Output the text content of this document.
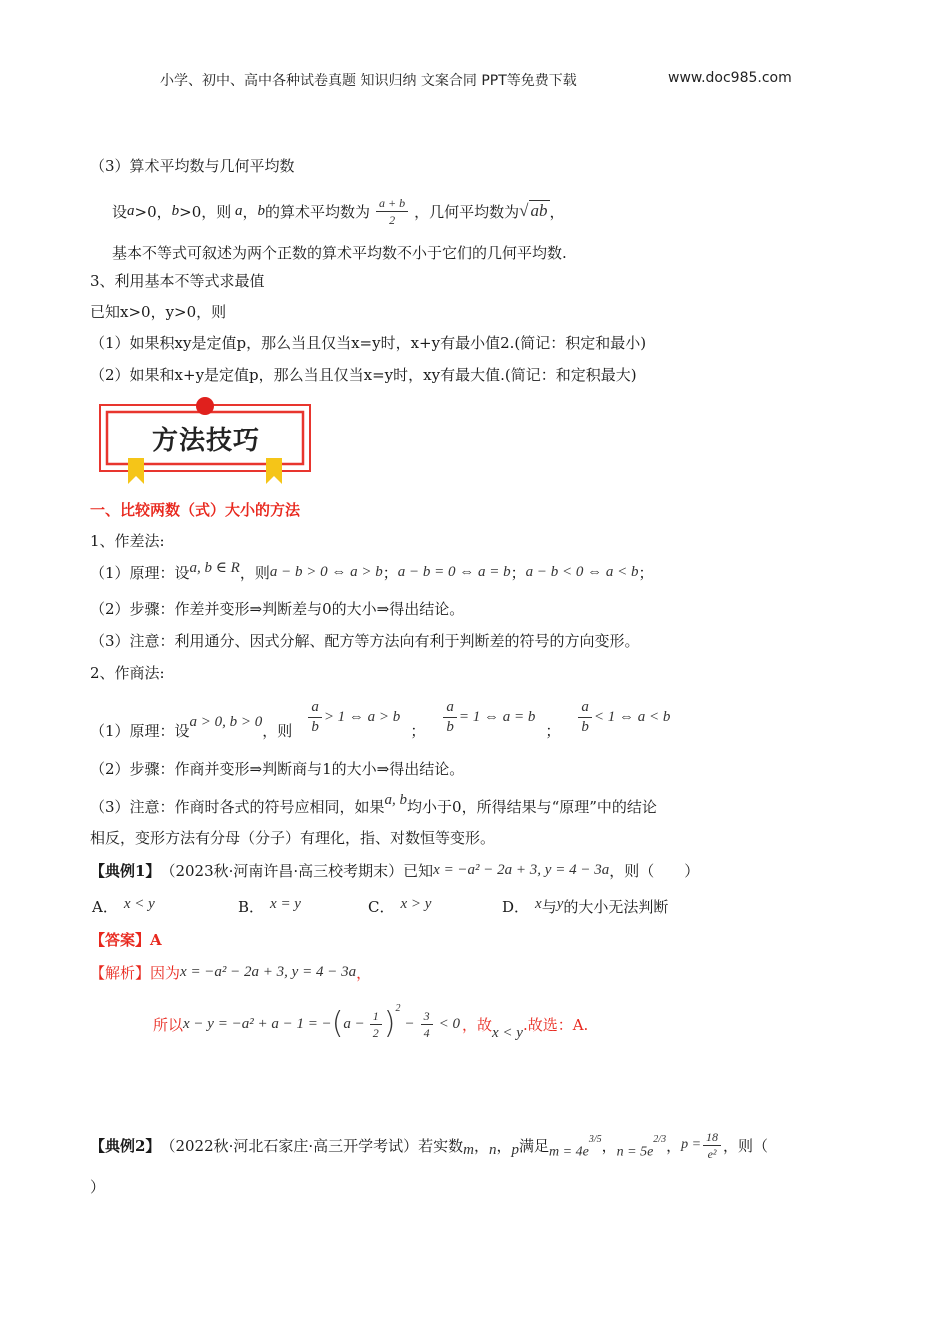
小学、初中、高中各种试卷真题 知识归纳 文案合同 PPT等免费下载	www.doc985.com
（3）算术平均数与几何平均数
设 a >0， b >0，则 a ， b 的算术平均数为 $\frac{a + b}{2}$ ，几何平均数为 √ ab ，
基本不等式可叙述为两个正数的算术平均数不小于它们的几何平均数.
3、利用基本不等式求最值
已知x>0，y>0，则
（1）如果积xy是定值p，那么当且仅当x=y时，x+y有最小值2.(简记：积定和最小)
（2）如果和x+y是定值p，那么当且仅当x=y时，xy有最大值.(简记：和定积最大)
方法技巧
一、比较两数（式）大小的方法
1、作差法:
（1）原理：设 a, b ∈ R ，则 a − b > 0 ⇔ a > b ； a − b = 0 ⇔ a = b ； a − b < 0 ⇔ a < b ；
（2）步骤：作差并变形⇒判断差与0的大小⇒得出结论。
（3）注意：利用通分、因式分解、配方等方法向有利于判断差的符号的方向变形。
2、作商法:
（1）原理：设 a > 0, b > 0 ，则 $\frac{a}{b} > 1$ ⇔ a > b
； $\frac{a}{b} = 1$ ⇔ a = b
； $\frac{a}{b} < 1$ ⇔ a < b
（2）步骤：作商并变形⇒判断商与1的大小⇒得出结论。
（3）注意：作商时各式的符号应相同，如果 a, b 均小于0，所得结果与“原理”中的结论
相反，变形方法有分母（分子）有理化，指、对数恒等变形。
【典例1】 （2023秋·河南许昌·高三校考期末）已知 x = −a² − 2a + 3, y = 4 − 3a ，则（　　）
A． x < y	B． x = y	C． x > y	D． x与y的大小无法判断
【答案】A
【解析】 因为 x = −a² − 2a + 3, y = 4 − 3a ，
所以 x − y = −a² + a − 1 = − ( $a - \frac{1}{2}$ ) 2
− $\frac{3}{4} < 0$ ，故 x < y .故选：A.
【典例2】 （2022秋·河北石家庄·高三开学考试）若实数 m ， n ， p 满足 $m = 4e^{3/5}$ ， $n = 5e^{2/3}$ ， $p = \frac{18}{\text{e²}}$ ，则（
）
